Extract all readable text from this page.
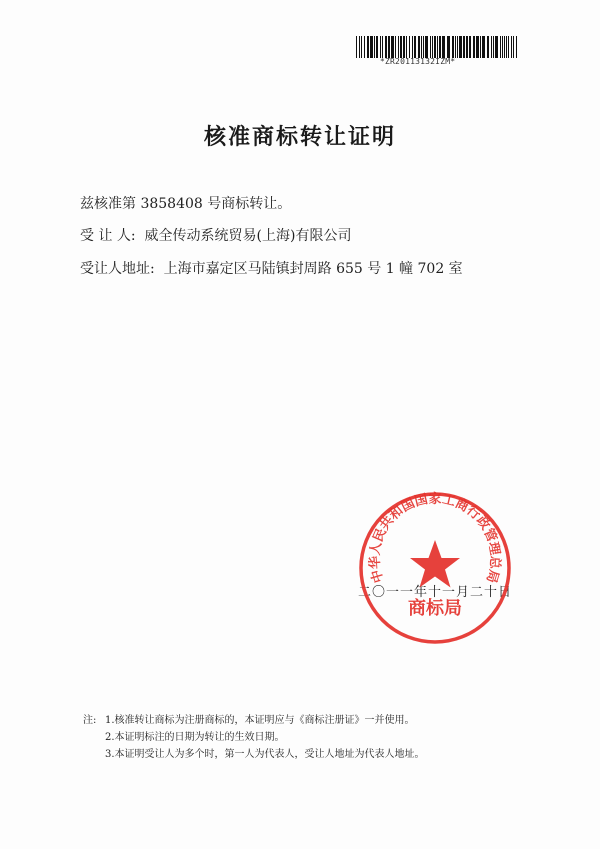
*ZR20113132IZM*
核准商标转让证明
兹核准第 3858408 号商标转让。
受 让 人: 威全传动系统贸易(上海)有限公司
受让人地址: 上海市嘉定区马陆镇封周路 655 号 1 幢 702 室
二〇一一年十一月二十日
中华人民共和国国家工商行政管理总局
商标局
注: 1.核准转让商标为注册商标的，本证明应与《商标注册证》一并使用。
2.本证明标注的日期为转让的生效日期。
3.本证明受让人为多个时，第一人为代表人，受让人地址为代表人地址。
